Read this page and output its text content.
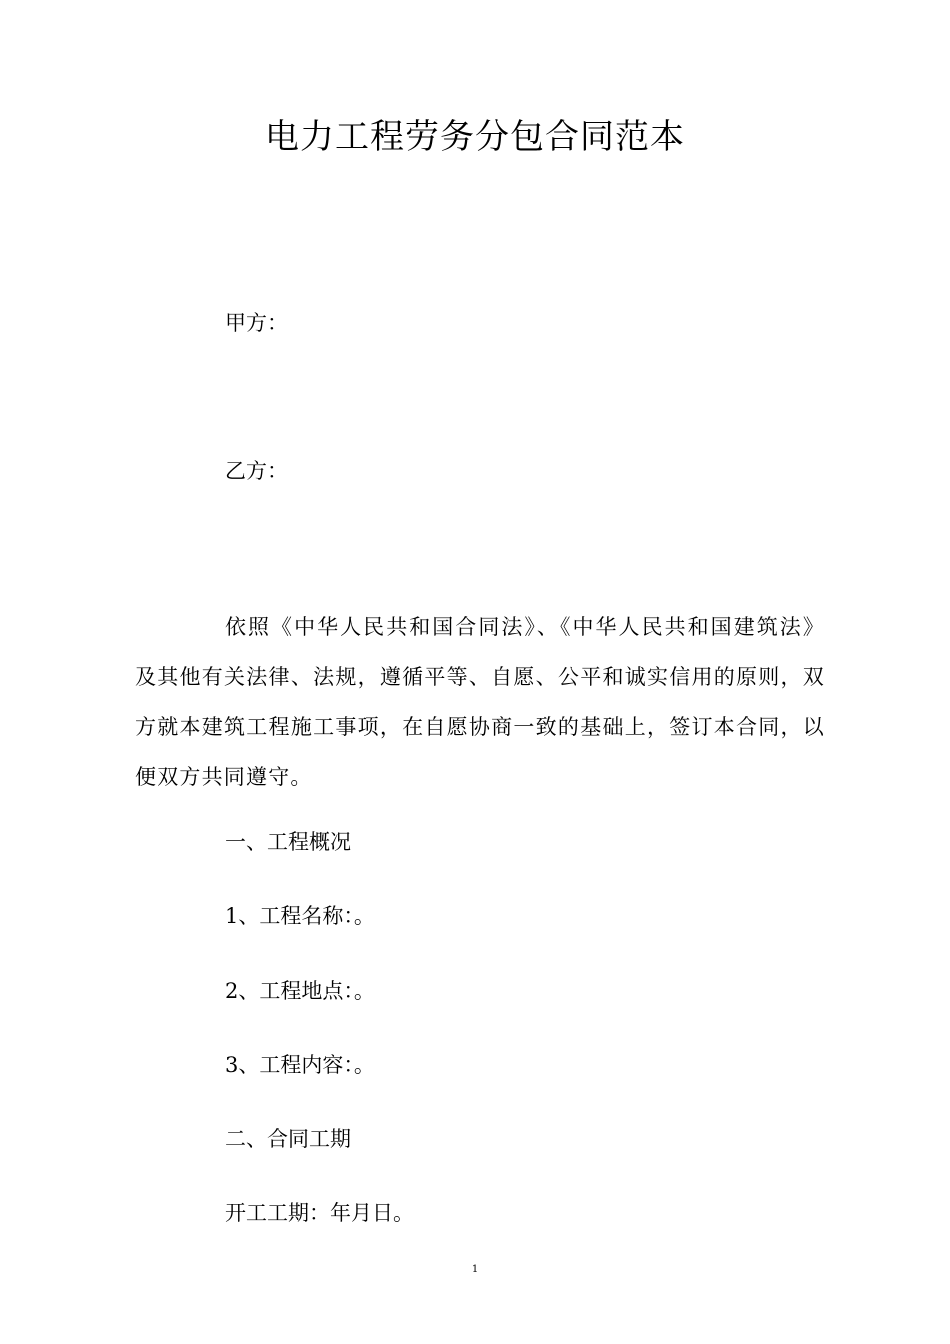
电力工程劳务分包合同范本
甲方：
乙方：
依照《中华人民共和国合同法》、《中华人民共和国建筑法》及其他有关法律、法规，遵循平等、自愿、公平和诚实信用的原则，双方就本建筑工程施工事项，在自愿协商一致的基础上，签订本合同，以便双方共同遵守。
一、工程概况
1、工程名称：。
2、工程地点：。
3、工程内容：。
二、合同工期
开工工期：年月日。
1
